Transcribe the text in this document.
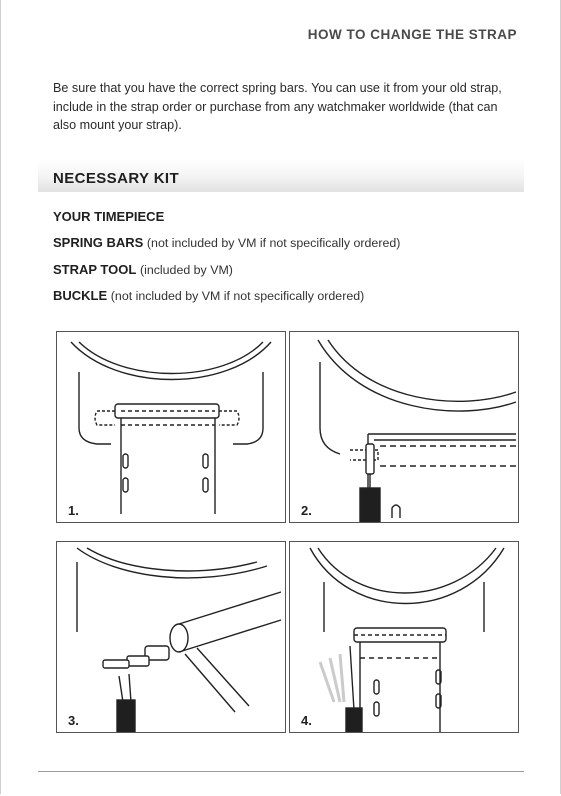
HOW TO CHANGE THE STRAP
Be sure that you have the correct spring bars. You can use it from your old strap, include in the strap order or purchase from any watchmaker worldwide (that can also mount your strap).
NECESSARY KIT
YOUR TIMEPIECE
SPRING BARS (not included by VM if not specifically ordered)
STRAP TOOL (included by VM)
BUCKLE (not included by VM if not specifically ordered)
1.	2.
3.	4.
